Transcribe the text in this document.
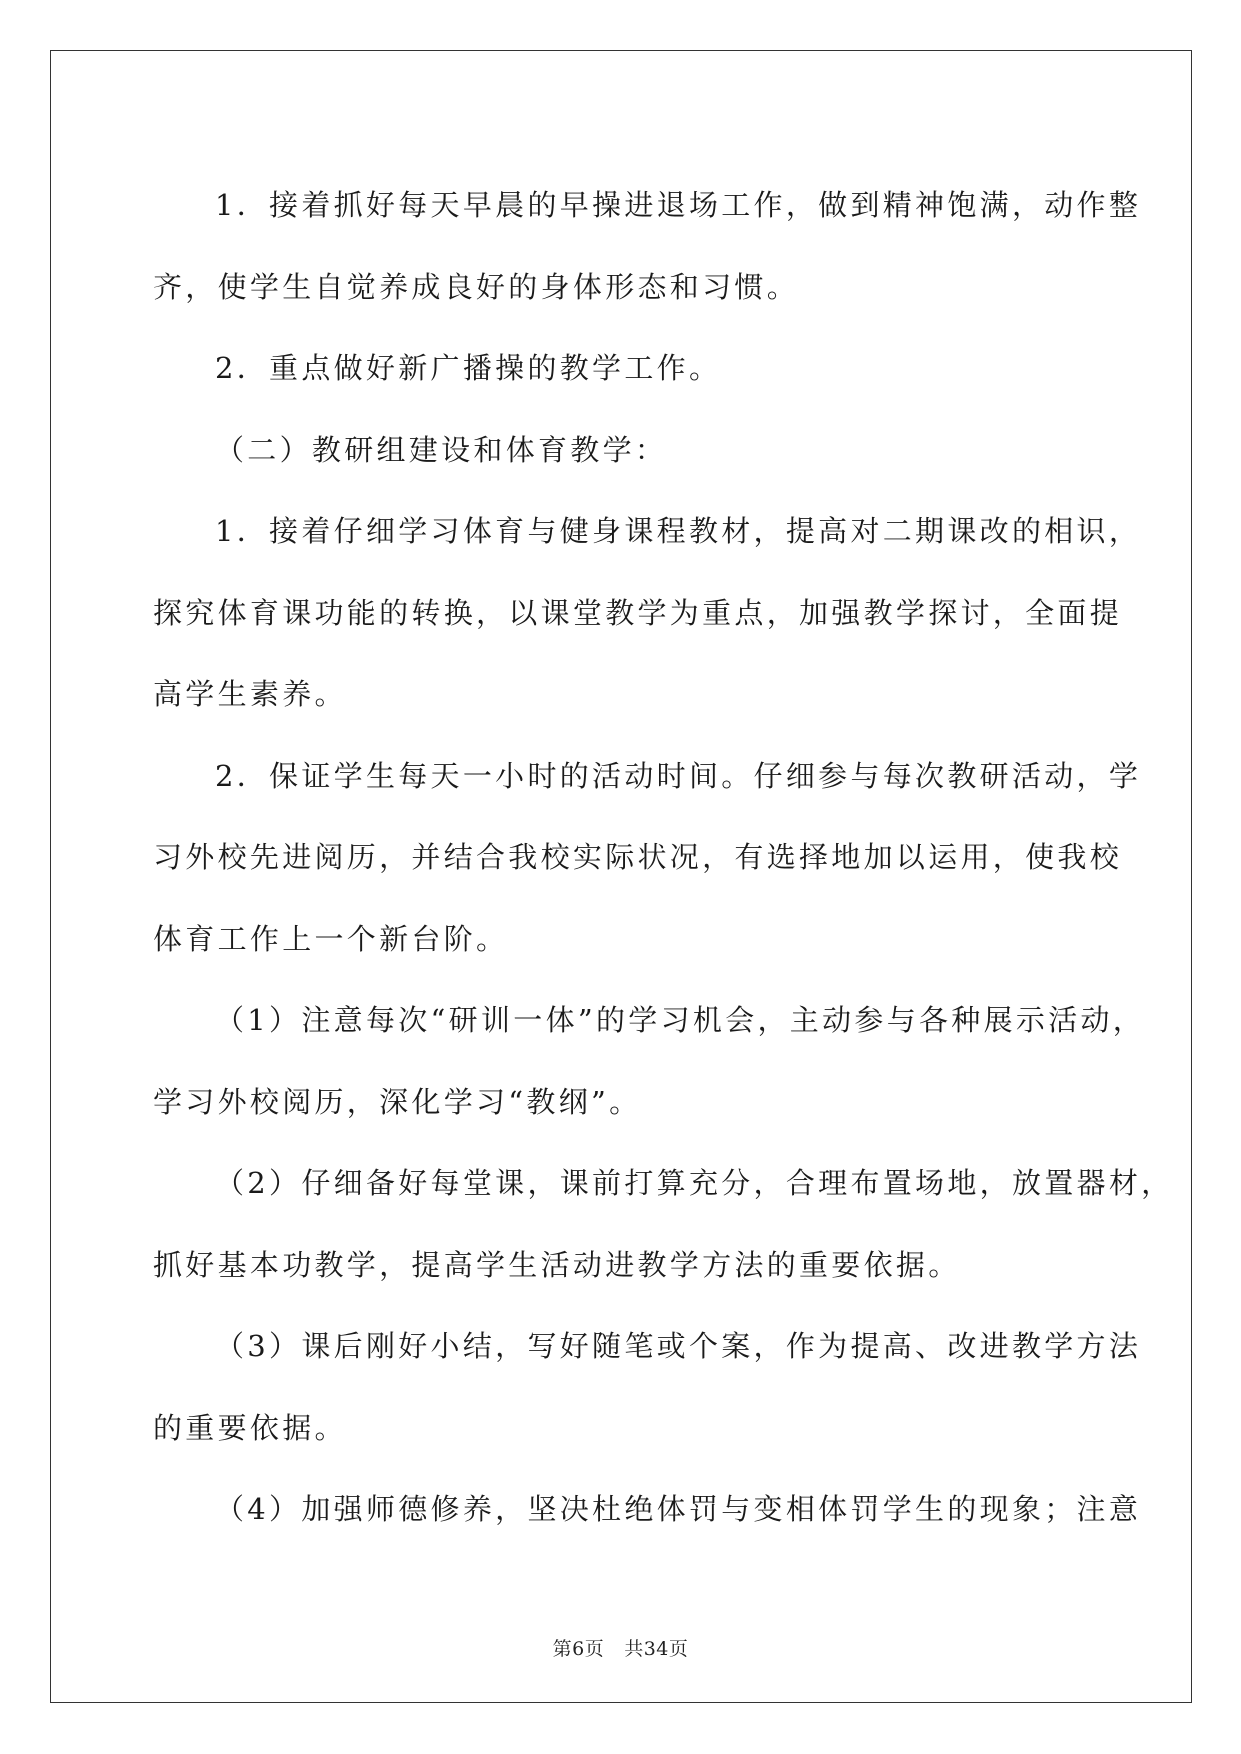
1．接着抓好每天早晨的早操进退场工作，做到精神饱满，动作整
齐，使学生自觉养成良好的身体形态和习惯。

2．重点做好新广播操的教学工作。

（二）教研组建设和体育教学：

1．接着仔细学习体育与健身课程教材，提高对二期课改的相识，
探究体育课功能的转换，以课堂教学为重点，加强教学探讨，全面提
高学生素养。

2．保证学生每天一小时的活动时间。仔细参与每次教研活动，学
习外校先进阅历，并结合我校实际状况，有选择地加以运用，使我校
体育工作上一个新台阶。

（1）注意每次“研训一体”的学习机会，主动参与各种展示活动，
学习外校阅历，深化学习“教纲”。

（2）仔细备好每堂课，课前打算充分，合理布置场地，放置器材，
抓好基本功教学，提高学生活动进教学方法的重要依据。

（3）课后刚好小结，写好随笔或个案，作为提高、改进教学方法
的重要依据。

（4）加强师德修养，坚决杜绝体罚与变相体罚学生的现象；注意

第6页 共34页
